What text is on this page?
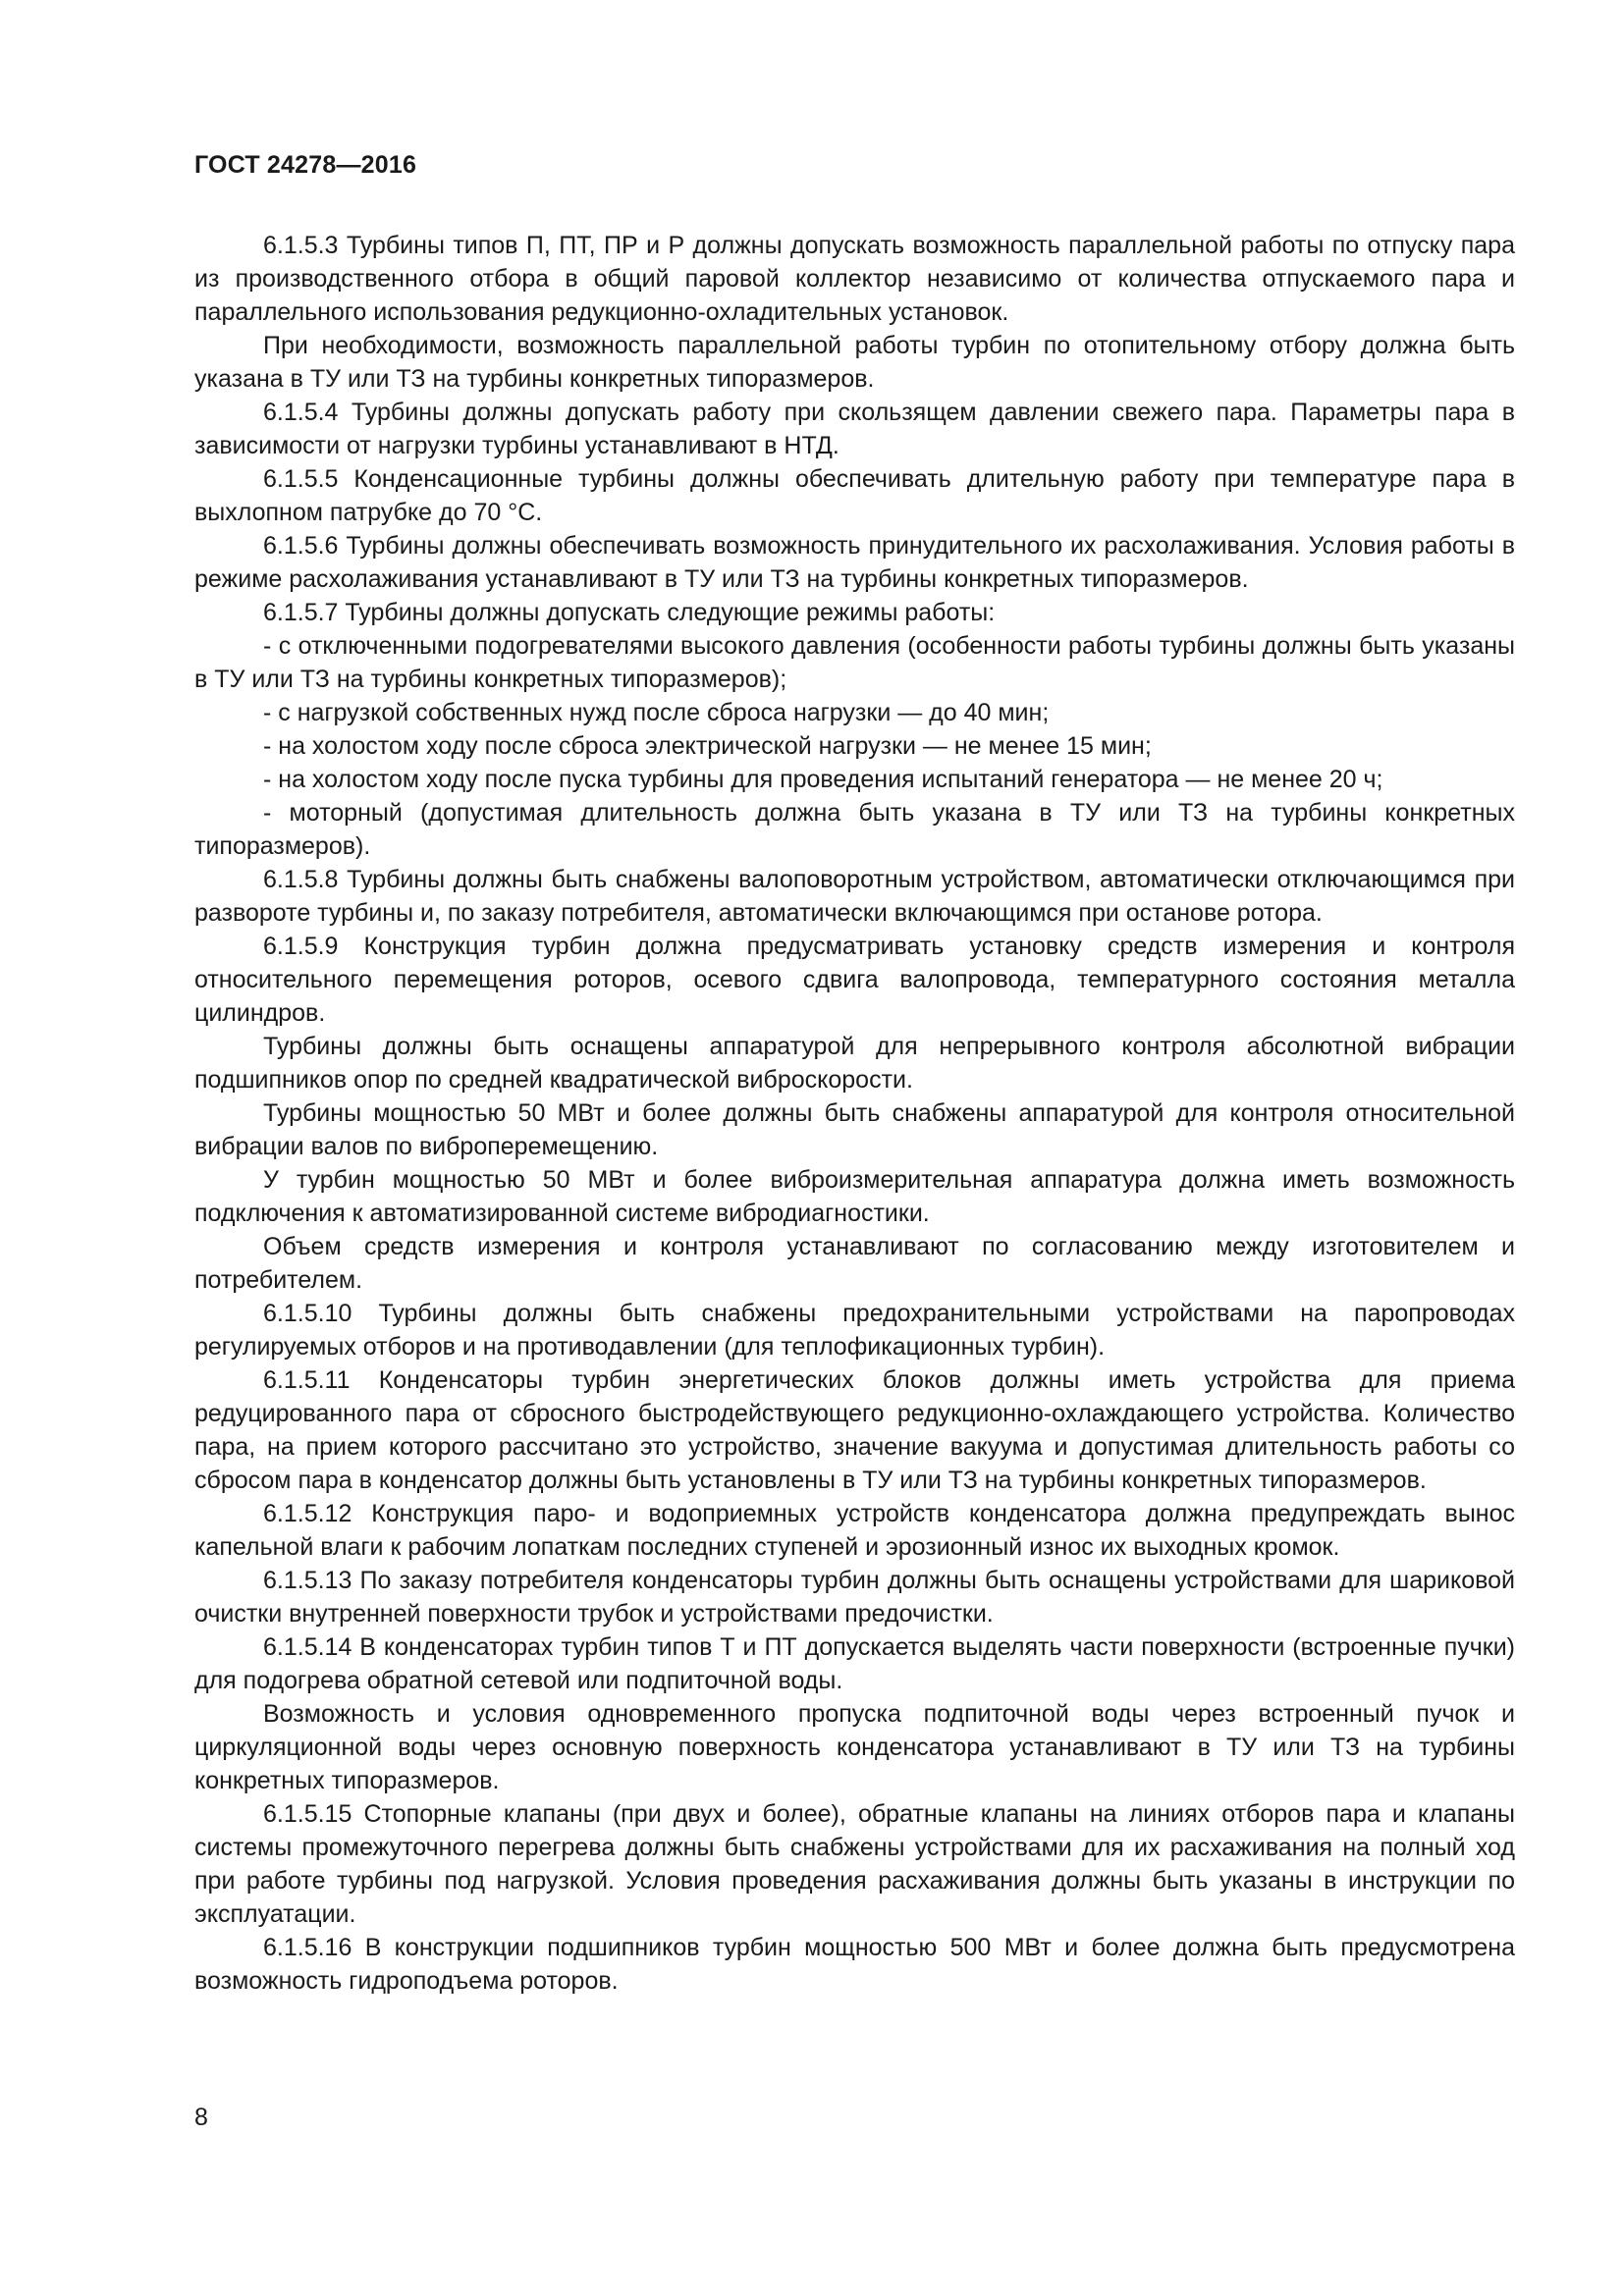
ГОСТ 24278—2016

6.1.5.3 Турбины типов П, ПТ, ПР и Р должны допускать возможность параллельной работы по отпуску пара из производственного отбора в общий паровой коллектор независимо от количества отпускаемого пара и параллельного использования редукционно-охладительных установок.

При необходимости, возможность параллельной работы турбин по отопительному отбору должна быть указана в ТУ или ТЗ на турбины конкретных типоразмеров.

6.1.5.4 Турбины должны допускать работу при скользящем давлении свежего пара. Параметры пара в зависимости от нагрузки турбины устанавливают в НТД.

6.1.5.5 Конденсационные турбины должны обеспечивать длительную работу при температуре пара в выхлопном патрубке до 70 °С.

6.1.5.6 Турбины должны обеспечивать возможность принудительного их расхолаживания. Условия работы в режиме расхолаживания устанавливают в ТУ или ТЗ на турбины конкретных типоразмеров.

6.1.5.7 Турбины должны допускать следующие режимы работы:

- с отключенными подогревателями высокого давления (особенности работы турбины должны быть указаны в ТУ или ТЗ на турбины конкретных типоразмеров);

- с нагрузкой собственных нужд после сброса нагрузки — до 40 мин;

- на холостом ходу после сброса электрической нагрузки — не менее 15 мин;

- на холостом ходу после пуска турбины для проведения испытаний генератора — не менее 20 ч;

- моторный (допустимая длительность должна быть указана в ТУ или ТЗ на турбины конкретных типоразмеров).

6.1.5.8 Турбины должны быть снабжены валоповоротным устройством, автоматически отключающимся при развороте турбины и, по заказу потребителя, автоматически включающимся при останове ротора.

6.1.5.9 Конструкция турбин должна предусматривать установку средств измерения и контроля относительного перемещения роторов, осевого сдвига валопровода, температурного состояния металла цилиндров.

Турбины должны быть оснащены аппаратурой для непрерывного контроля абсолютной вибрации подшипников опор по средней квадратической виброскорости.

Турбины мощностью 50 МВт и более должны быть снабжены аппаратурой для контроля относительной вибрации валов по виброперемещению.

У турбин мощностью 50 МВт и более виброизмерительная аппаратура должна иметь возможность подключения к автоматизированной системе вибродиагностики.

Объем средств измерения и контроля устанавливают по согласованию между изготовителем и потребителем.

6.1.5.10 Турбины должны быть снабжены предохранительными устройствами на паропроводах регулируемых отборов и на противодавлении (для теплофикационных турбин).

6.1.5.11 Конденсаторы турбин энергетических блоков должны иметь устройства для приема редуцированного пара от сбросного быстродействующего редукционно-охлаждающего устройства. Количество пара, на прием которого рассчитано это устройство, значение вакуума и допустимая длительность работы со сбросом пара в конденсатор должны быть установлены в ТУ или ТЗ на турбины конкретных типоразмеров.

6.1.5.12 Конструкция паро- и водоприемных устройств конденсатора должна предупреждать вынос капельной влаги к рабочим лопаткам последних ступеней и эрозионный износ их выходных кромок.

6.1.5.13 По заказу потребителя конденсаторы турбин должны быть оснащены устройствами для шариковой очистки внутренней поверхности трубок и устройствами предочистки.

6.1.5.14 В конденсаторах турбин типов Т и ПТ допускается выделять части поверхности (встроенные пучки) для подогрева обратной сетевой или подпиточной воды.

Возможность и условия одновременного пропуска подпиточной воды через встроенный пучок и циркуляционной воды через основную поверхность конденсатора устанавливают в ТУ или ТЗ на турбины конкретных типоразмеров.

6.1.5.15 Стопорные клапаны (при двух и более), обратные клапаны на линиях отборов пара и клапаны системы промежуточного перегрева должны быть снабжены устройствами для их расхаживания на полный ход при работе турбины под нагрузкой. Условия проведения расхаживания должны быть указаны в инструкции по эксплуатации.

6.1.5.16 В конструкции подшипников турбин мощностью 500 МВт и более должна быть предусмотрена возможность гидроподъема роторов.

8
